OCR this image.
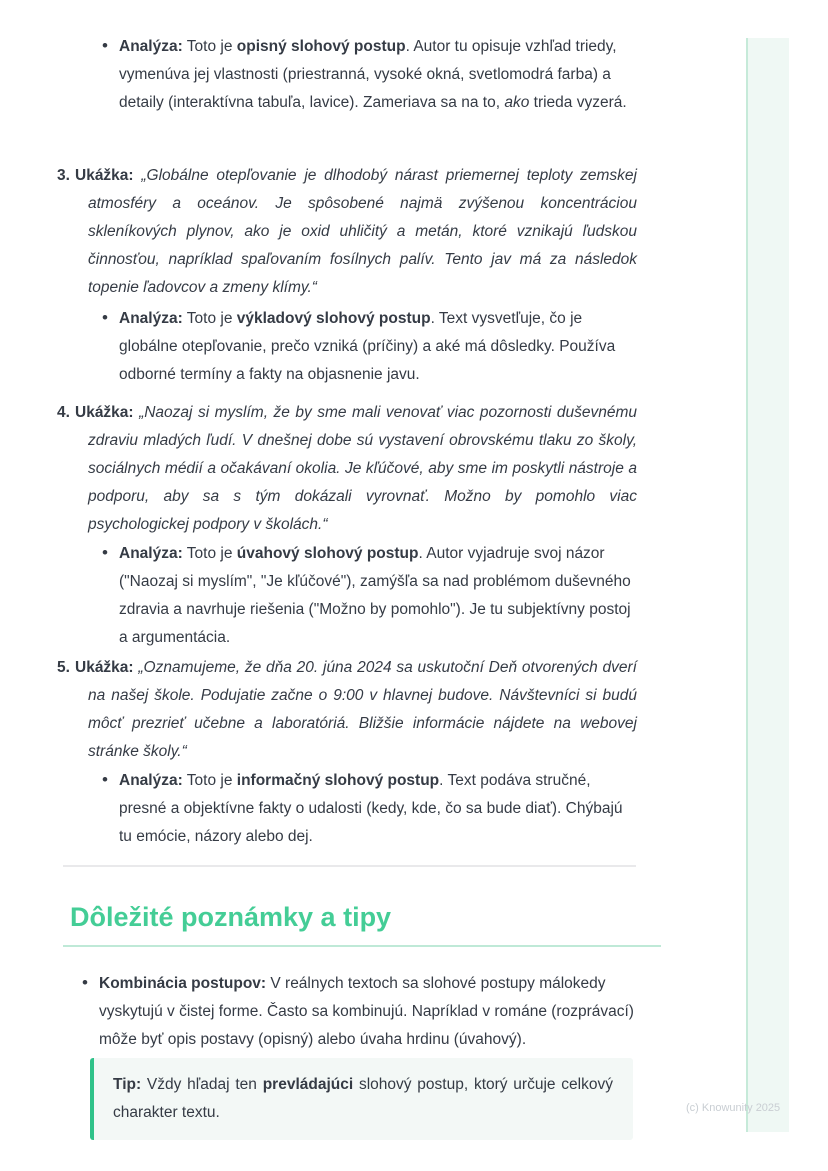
• Analýza: Toto je opisný slohový postup. Autor tu opisuje vzhľad triedy, vymenúva jej vlastnosti (priestranná, vysoké okná, svetlomodrá farba) a detaily (interaktívna tabuľa, lavice). Zameriava sa na to, ako trieda vyzerá.

3. Ukážka: „Globálne otepľovanie je dlhodobý nárast priemernej teploty zemskej atmosféry a oceánov. Je spôsobené najmä zvýšenou koncentráciou skleníkových plynov, ako je oxid uhličitý a metán, ktoré vznikajú ľudskou činnosťou, napríklad spaľovaním fosílnych palív. Tento jav má za následok topenie ľadovcov a zmeny klímy.“

• Analýza: Toto je výkladový slohový postup. Text vysvetľuje, čo je globálne otepľovanie, prečo vzniká (príčiny) a aké má dôsledky. Používa odborné termíny a fakty na objasnenie javu.

4. Ukážka: „Naozaj si myslím, že by sme mali venovať viac pozornosti duševnému zdraviu mladých ľudí. V dnešnej dobe sú vystavení obrovskému tlaku zo školy, sociálnych médií a očakávaní okolia. Je kľúčové, aby sme im poskytli nástroje a podporu, aby sa s tým dokázali vyrovnať. Možno by pomohlo viac psychologickej podpory v školách.“

• Analýza: Toto je úvahový slohový postup. Autor vyjadruje svoj názor ("Naozaj si myslím", "Je kľúčové"), zamýšľa sa nad problémom duševného zdravia a navrhuje riešenia ("Možno by pomohlo"). Je tu subjektívny postoj a argumentácia.

5. Ukážka: „Oznamujeme, že dňa 20. júna 2024 sa uskutoční Deň otvorených dverí na našej škole. Podujatie začne o 9:00 v hlavnej budove. Návštevníci si budú môcť prezrieť učebne a laboratóriá. Bližšie informácie nájdete na webovej stránke školy.“

• Analýza: Toto je informačný slohový postup. Text podáva stručné, presné a objektívne fakty o udalosti (kedy, kde, čo sa bude diať). Chýbajú tu emócie, názory alebo dej.

Dôležité poznámky a tipy
• Kombinácia postupov: V reálnych textoch sa slohové postupy málokedy vyskytujú v čistej forme. Často sa kombinujú. Napríklad v románe (rozprávací) môže byť opis postavy (opisný) alebo úvaha hrdinu (úvahový).

Tip: Vždy hľadaj ten prevládajúci slohový postup, ktorý určuje celkový charakter textu.	(c) Knowunity 2025
